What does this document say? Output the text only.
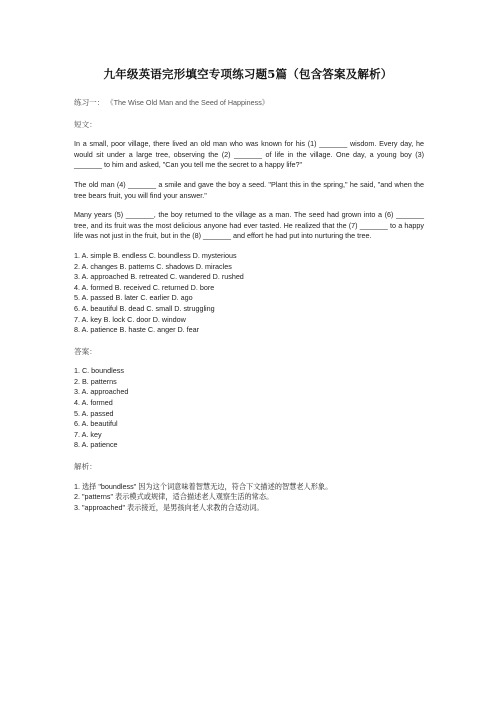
九年级英语完形填空专项练习题5篇（包含答案及解析）
练习一： 《The Wise Old Man and the Seed of Happiness》
短文：
In a small, poor village, there lived an old man who was known for his (1) _______ wisdom. Every day, he would sit under a large tree, observing the (2) _______ of life in the village. One day, a young boy (3) _______ to him and asked, "Can you tell me the secret to a happy life?"
The old man (4) _______ a smile and gave the boy a seed. "Plant this in the spring," he said, "and when the tree bears fruit, you will find your answer."
Many years (5) _______, the boy returned to the village as a man. The seed had grown into a (6) _______ tree, and its fruit was the most delicious anyone had ever tasted. He realized that the (7) _______ to a happy life was not just in the fruit, but in the (8) _______ and effort he had put into nurturing the tree.
1. A. simple B. endless C. boundless D. mysterious
2. A. changes B. patterns C. shadows D. miracles
3. A. approached B. retreated C. wandered D. rushed
4. A. formed B. received C. returned D. bore
5. A. passed B. later C. earlier D. ago
6. A. beautiful B. dead C. small D. struggling
7. A. key B. lock C. door D. window
8. A. patience B. haste C. anger D. fear
答案：
1. C. boundless
2. B. patterns
3. A. approached
4. A. formed
5. A. passed
6. A. beautiful
7. A. key
8. A. patience
解析：
1. 选择 "boundless" 因为这个词意味着智慧无边，符合下文描述的智慧老人形象。
2. "patterns" 表示模式或规律，适合描述老人观察生活的常态。
3. "approached" 表示接近，是男孩向老人求教的合适动词。
